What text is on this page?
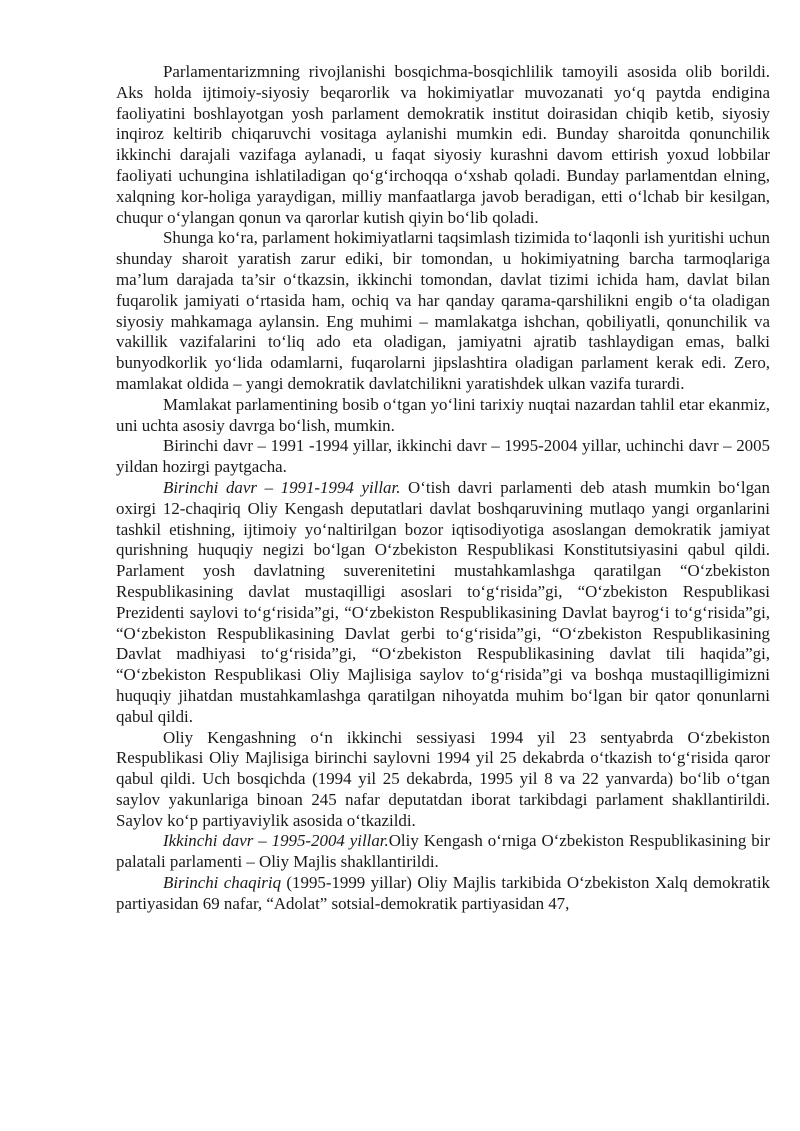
Parlamentarizmning rivojlanishi bosqichma-bosqichlilik tamoyili asosida olib borildi. Aks holda ijtimoiy-siyosiy beqarorlik va hokimiyatlar muvozanati yo‘q paytda endigina faoliyatini boshlayotgan yosh parlament demokratik institut doirasidan chiqib ketib, siyosiy inqiroz keltirib chiqaruvchi vositaga aylanishi mumkin edi. Bunday sharoitda qonunchilik ikkinchi darajali vazifaga aylanadi, u faqat siyosiy kurashni davom ettirish yoxud lobbilar faoliyati uchungina ishlatiladigan qo‘g‘irchoqqa o‘xshab qoladi. Bunday parlamentdan elning, xalqning kor-holiga yaraydigan, milliy manfaatlarga javob beradigan, etti o‘lchab bir kesilgan, chuqur o‘ylangan qonun va qarorlar kutish qiyin bo‘lib qoladi.

Shunga ko‘ra, parlament hokimiyatlarni taqsimlash tizimida to‘laqonli ish yuritishi uchun shunday sharoit yaratish zarur ediki, bir tomondan, u hokimiyatning barcha tarmoqlariga ma’lum darajada ta’sir o‘tkazsin, ikkinchi tomondan, davlat tizimi ichida ham, davlat bilan fuqarolik jamiyati o‘rtasida ham, ochiq va har qanday qarama-qarshilikni engib o‘ta oladigan siyosiy mahkamaga aylansin. Eng muhimi – mamlakatga ishchan, qobiliyatli, qonunchilik va vakillik vazifalarini to‘liq ado eta oladigan, jamiyatni ajratib tashlaydigan emas, balki bunyodkorlik yo‘lida odamlarni, fuqarolarni jipslashtira oladigan parlament kerak edi. Zero, mamlakat oldida – yangi demokratik davlatchilikni yaratishdek ulkan vazifa turardi.

Mamlakat parlamentining bosib o‘tgan yo‘lini tarixiy nuqtai nazardan tahlil etar ekanmiz, uni uchta asosiy davrga bo‘lish, mumkin.

Birinchi davr – 1991 -1994 yillar, ikkinchi davr – 1995-2004 yillar, uchinchi davr – 2005 yildan hozirgi paytgacha.

Birinchi davr – 1991-1994 yillar. O‘tish davri parlamenti deb atash mumkin bo‘lgan oxirgi 12-chaqiriq Oliy Kengash deputatlari davlat boshqaruvining mutlaqo yangi organlarini tashkil etishning, ijtimoiy yo‘naltirilgan bozor iqtisodiyotiga asoslangan demokratik jamiyat qurishning huquqiy negizi bo‘lgan O‘zbekiston Respublikasi Konstitutsiyasini qabul qildi. Parlament yosh davlatning suverenitetini mustahkamlashga qaratilgan “O‘zbekiston Respublikasining davlat mustaqilligi asoslari to‘g‘risida”gi, “O‘zbekiston Respublikasi Prezidenti saylovi to‘g‘risida”gi, “O‘zbekiston Respublikasining Davlat bayrog‘i to‘g‘risida”gi, “O‘zbekiston Respublikasining Davlat gerbi to‘g‘risida”gi, “O‘zbekiston Respublikasining Davlat madhiyasi to‘g‘risida”gi, “O‘zbekiston Respublikasining davlat tili haqida”gi, “O‘zbekiston Respublikasi Oliy Majlisiga saylov to‘g‘risida”gi va boshqa mustaqilligimizni huquqiy jihatdan mustahkamlashga qaratilgan nihoyatda muhim bo‘lgan bir qator qonunlarni qabul qildi.

Oliy Kengashning o‘n ikkinchi sessiyasi 1994 yil 23 sentyabrda O‘zbekiston Respublikasi Oliy Majlisiga birinchi saylovni 1994 yil 25 dekabrda o‘tkazish to‘g‘risida qaror qabul qildi. Uch bosqichda (1994 yil 25 dekabrda, 1995 yil 8 va 22 yanvarda) bo‘lib o‘tgan saylov yakunlariga binoan 245 nafar deputatdan iborat tarkibdagi parlament shakllantirildi. Saylov ko‘p partiyaviylik asosida o‘tkazildi.

Ikkinchi davr – 1995-2004 yillar.Oliy Kengash o‘rniga O‘zbekiston Respublikasining bir palatali parlamenti – Oliy Majlis shakllantirildi.

Birinchi chaqiriq (1995-1999 yillar) Oliy Majlis tarkibida O‘zbekiston Xalq demokratik partiyasidan 69 nafar, “Adolat” sotsial-demokratik partiyasidan 47,
